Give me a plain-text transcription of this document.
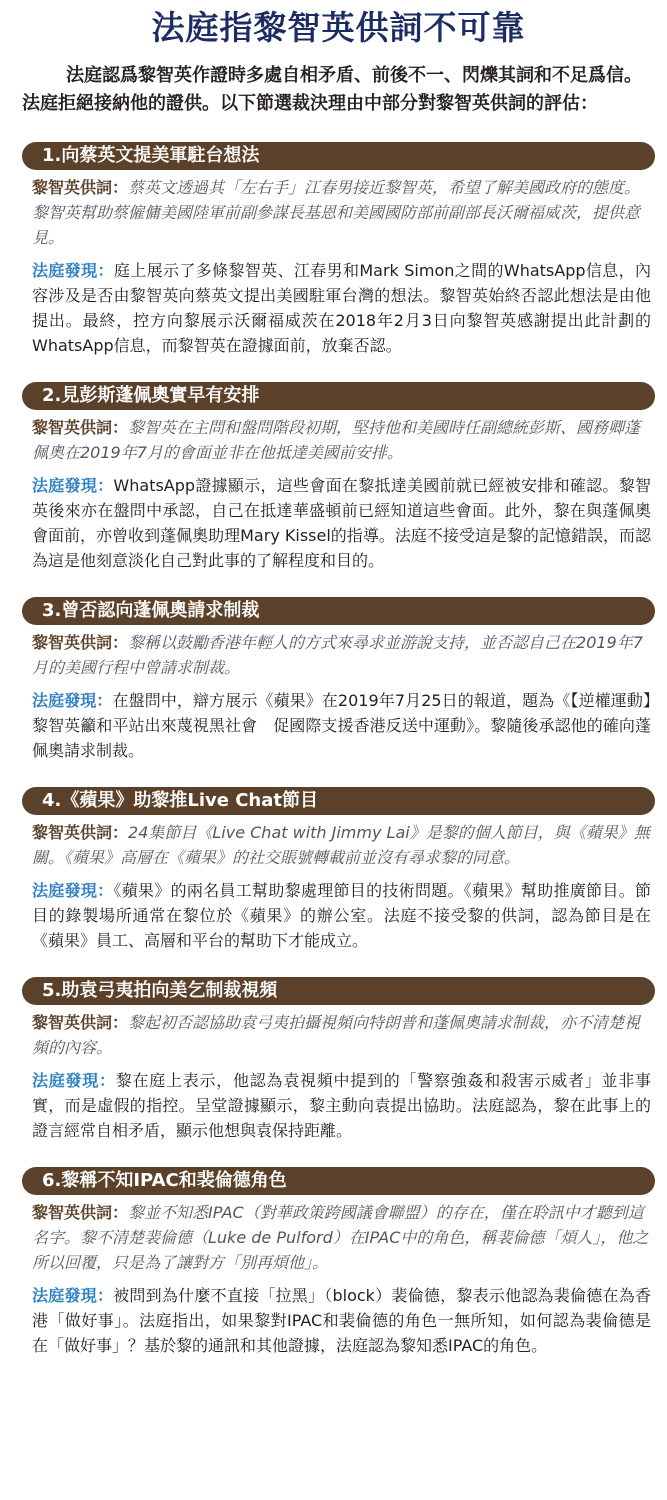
法庭指黎智英供詞不可靠

法庭認爲黎智英作證時多處自相矛盾、前後不一、閃爍其詞和不足爲信。法庭拒絕接納他的證供。以下節選裁決理由中部分對黎智英供詞的評估：

1.向蔡英文提美軍駐台想法

黎智英供詞：蔡英文透過其「左右手」江春男接近黎智英，希望了解美國政府的態度。黎智英幫助蔡僱傭美國陸軍前副參謀長基恩和美國國防部前副部長沃爾福威茨，提供意見。

法庭發現：庭上展示了多條黎智英、江春男和Mark Simon之間的WhatsApp信息，內容涉及是否由黎智英向蔡英文提出美國駐軍台灣的想法。黎智英始終否認此想法是由他提出。最終，控方向黎展示沃爾福威茨在2018年2月3日向黎智英感謝提出此計劃的WhatsApp信息，而黎智英在證據面前，放棄否認。

2.見彭斯蓬佩奧實早有安排

黎智英供詞：黎智英在主問和盤問階段初期，堅持他和美國時任副總統彭斯、國務卿蓬佩奧在2019年7月的會面並非在他抵達美國前安排。

法庭發現：WhatsApp證據顯示，這些會面在黎抵達美國前就已經被安排和確認。黎智英後來亦在盤問中承認，自己在抵達華盛頓前已經知道這些會面。此外，黎在與蓬佩奧會面前，亦曾收到蓬佩奧助理Mary Kissel的指導。法庭不接受這是黎的記憶錯誤，而認為這是他刻意淡化自己對此事的了解程度和目的。

3.曾否認向蓬佩奧請求制裁

黎智英供詞：黎稱以鼓勵香港年輕人的方式來尋求並游說支持，並否認自己在2019年7月的美國行程中曾請求制裁。

法庭發現：在盤問中，辯方展示《蘋果》在2019年7月25日的報道，題為《【逆權運動】黎智英籲和平站出來蔑視黑社會　促國際支援香港反送中運動》。黎隨後承認他的確向蓬佩奧請求制裁。

4.《蘋果》助黎推Live Chat節目

黎智英供詞：24集節目《Live Chat with Jimmy Lai》是黎的個人節目，與《蘋果》無關。《蘋果》高層在《蘋果》的社交賬號轉載前並沒有尋求黎的同意。

法庭發現：《蘋果》的兩名員工幫助黎處理節目的技術問題。《蘋果》幫助推廣節目。節目的錄製場所通常在黎位於《蘋果》的辦公室。法庭不接受黎的供詞，認為節目是在《蘋果》員工、高層和平台的幫助下才能成立。

5.助袁弓夷拍向美乞制裁視頻

黎智英供詞：黎起初否認協助袁弓夷拍攝視頻向特朗普和蓬佩奧請求制裁，亦不清楚視頻的內容。

法庭發現：黎在庭上表示，他認為袁視頻中提到的「警察強姦和殺害示威者」並非事實，而是虛假的指控。呈堂證據顯示，黎主動向袁提出協助。法庭認為，黎在此事上的證言經常自相矛盾，顯示他想與袁保持距離。

6.黎稱不知IPAC和裴倫德角色

黎智英供詞：黎並不知悉IPAC（對華政策跨國議會聯盟）的存在，僅在聆訊中才聽到這名字。黎不清楚裴倫德（Luke de Pulford）在IPAC中的角色，稱裴倫德「煩人」，他之所以回覆，只是為了讓對方「別再煩他」。

法庭發現：被問到為什麼不直接「拉黑」（block）裴倫德，黎表示他認為裴倫德在為香港「做好事」。法庭指出，如果黎對IPAC和裴倫德的角色一無所知，如何認為裴倫德是在「做好事」？基於黎的通訊和其他證據，法庭認為黎知悉IPAC的角色。
